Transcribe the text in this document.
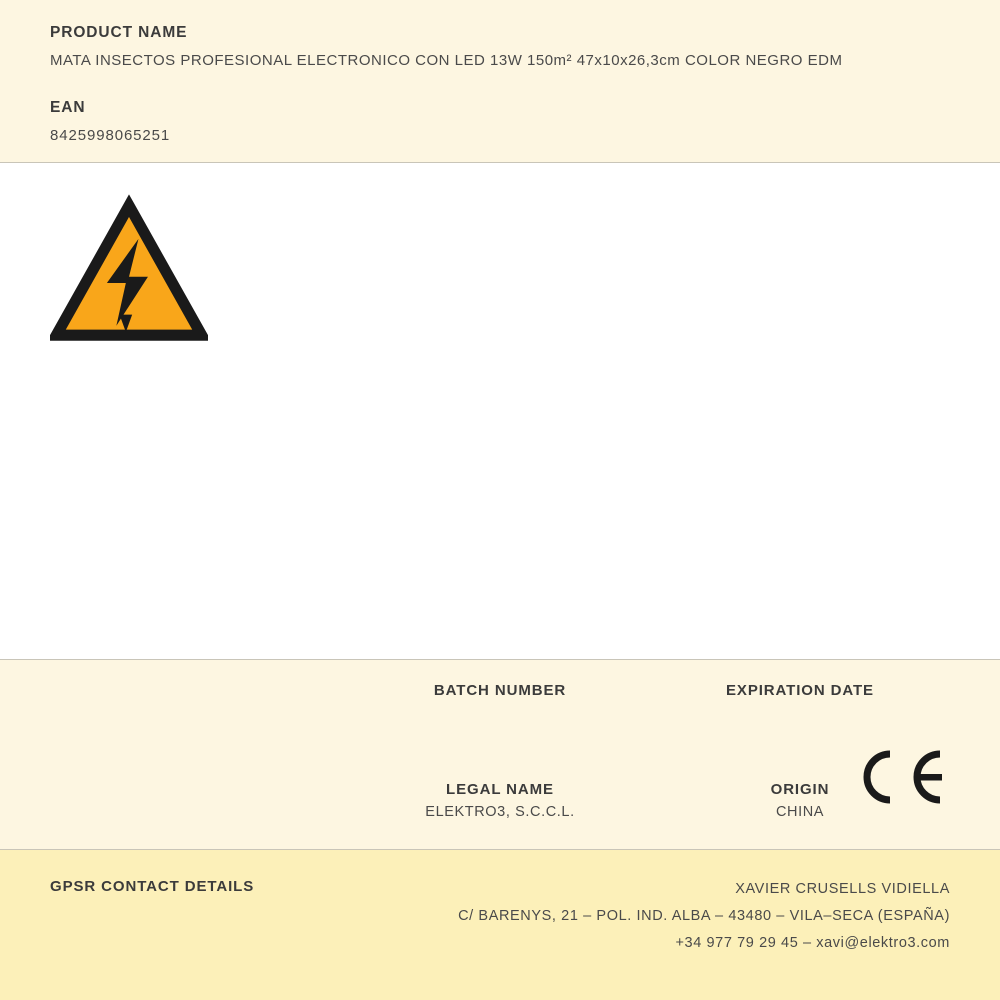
PRODUCT NAME
MATA INSECTOS PROFESIONAL ELECTRONICO CON LED 13W 150m² 47x10x26,3cm COLOR NEGRO EDM
EAN
8425998065251
BATCH NUMBER	EXPIRATION DATE
LEGAL NAME
ELEKTRO3, S.C.C.L.
ORIGIN
CHINA
GPSR CONTACT DETAILS	XAVIER CRUSELLS VIDIELLA
C/ BARENYS, 21 – POL. IND. ALBA – 43480 – VILA–SECA (ESPAÑA)
+34 977 79 29 45 – xavi@elektro3.com
